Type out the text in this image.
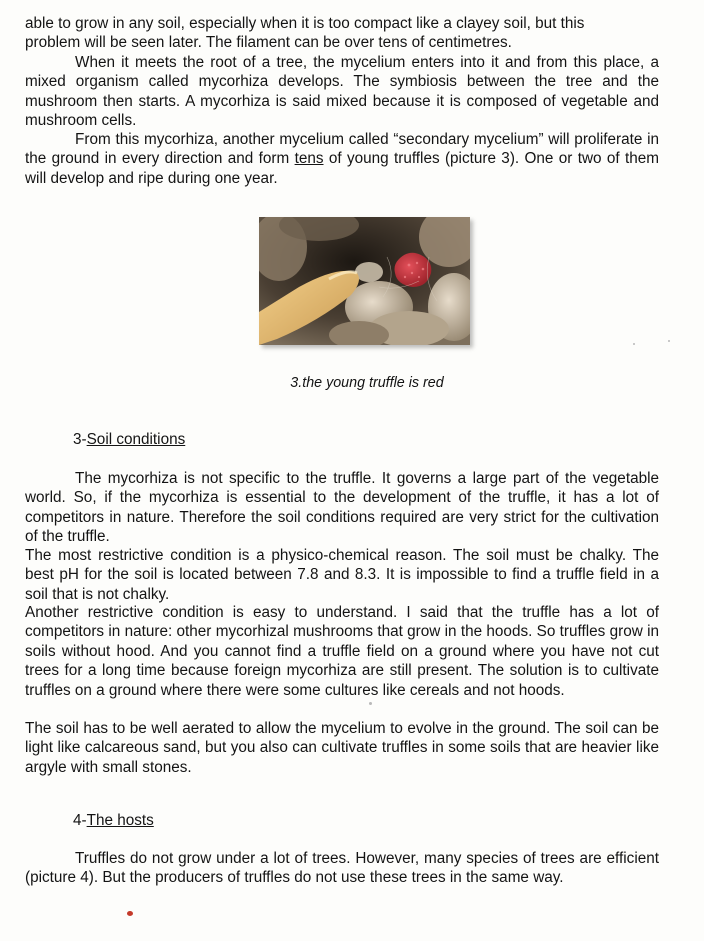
able to grow in any soil, especially when it is too compact like a clayey soil, but this
problem will be seen later. The filament can be over tens of centimetres.

When it meets the root of a tree, the mycelium enters into it and from this place, a mixed organism called mycorhiza develops. The symbiosis between the tree and the mushroom then starts. A mycorhiza is said mixed because it is composed of vegetable and mushroom cells.

From this mycorhiza, another mycelium called “secondary mycelium” will proliferate in the ground in every direction and form tens of young truffles (picture 3). One or two of them will develop and ripe during one year.

3.the young truffle is red

3-Soil conditions

The mycorhiza is not specific to the truffle. It governs a large part of the vegetable world. So, if the mycorhiza is essential to the development of the truffle, it has a lot of competitors in nature. Therefore the soil conditions required are very strict for the cultivation of the truffle.

The most restrictive condition is a physico-chemical reason. The soil must be chalky. The best pH for the soil is located between 7.8 and 8.3. It is impossible to find a truffle field in a soil that is not chalky.

Another restrictive condition is easy to understand. I said that the truffle has a lot of competitors in nature: other mycorhizal mushrooms that grow in the hoods. So truffles grow in soils without hood. And you cannot find a truffle field on a ground where you have not cut trees for a long time because foreign mycorhiza are still present. The solution is to cultivate truffles on a ground where there were some cultures like cereals and not hoods.

The soil has to be well aerated to allow the mycelium to evolve in the ground. The soil can be light like calcareous sand, but you also can cultivate truffles in some soils that are heavier like argyle with small stones.

4-The hosts

Truffles do not grow under a lot of trees. However, many species of trees are efficient (picture 4). But the producers of truffles do not use these trees in the same way.
